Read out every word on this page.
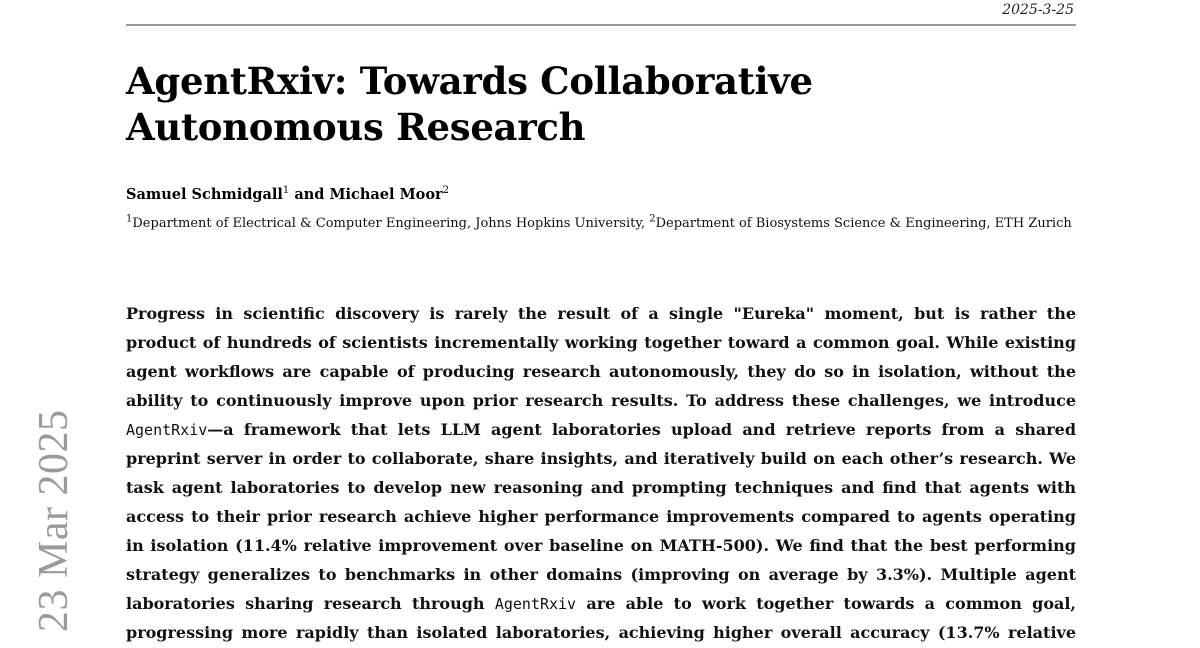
2025-3-25
AgentRxiv: Towards Collaborative Autonomous Research
Samuel Schmidgall$^1$ and Michael Moor$^2$
$^1$Department of Electrical & Computer Engineering, Johns Hopkins University, $^2$Department of Biosystems Science & Engineering, ETH Zurich
Progress in scientific discovery is rarely the result of a single "Eureka" moment, but is rather the
product of hundreds of scientists incrementally working together toward a common goal. While existing
agent workflows are capable of producing research autonomously, they do so in isolation, without the
ability to continuously improve upon prior research results. To address these challenges, we introduce
AgentRxiv—a framework that lets LLM agent laboratories upload and retrieve reports from a shared
preprint server in order to collaborate, share insights, and iteratively build on each other’s research. We
task agent laboratories to develop new reasoning and prompting techniques and find that agents with
access to their prior research achieve higher performance improvements compared to agents operating
in isolation (11.4% relative improvement over baseline on MATH-500). We find that the best performing
strategy generalizes to benchmarks in other domains (improving on average by 3.3%). Multiple agent
laboratories sharing research through AgentRxiv are able to work together towards a common goal,
progressing more rapidly than isolated laboratories, achieving higher overall accuracy (13.7% relative
23 Mar 2025
